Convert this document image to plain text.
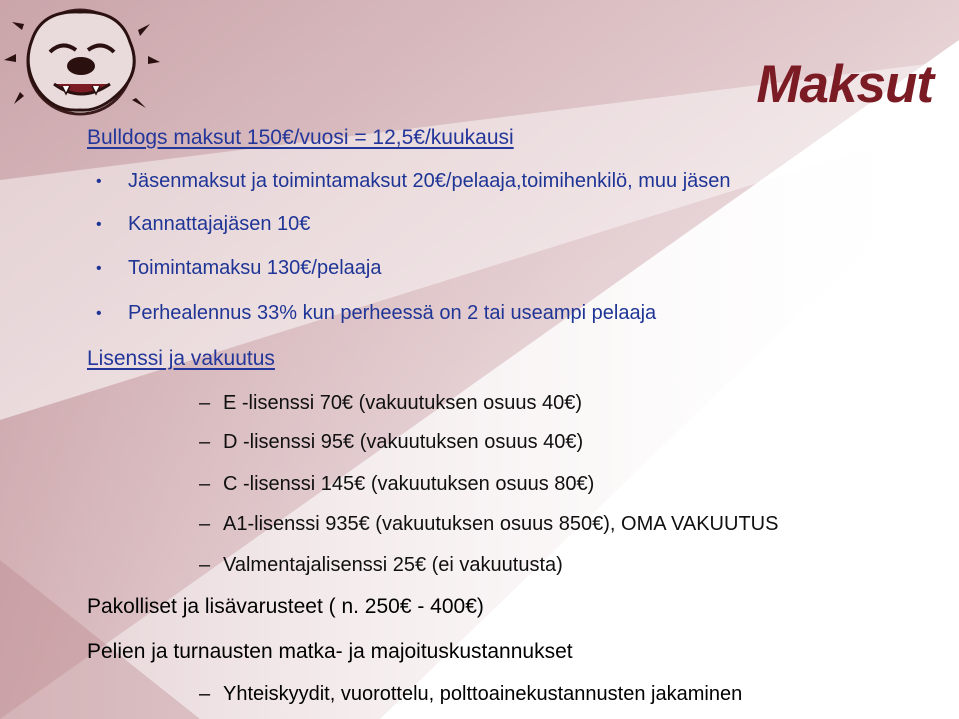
Maksut
Bulldogs maksut 150€/vuosi = 12,5€/kuukausi
• Jäsenmaksut ja toimintamaksut 20€/pelaaja,toimihenkilö, muu jäsen
• Kannattajajäsen 10€
• Toimintamaksu 130€/pelaaja
• Perhealennus 33% kun perheessä on 2 tai useampi pelaaja
Lisenssi ja vakuutus
– E -lisenssi 70€ (vakuutuksen osuus 40€)
– D -lisenssi 95€ (vakuutuksen osuus 40€)
– C -lisenssi 145€ (vakuutuksen osuus 80€)
– A1-lisenssi 935€ (vakuutuksen osuus 850€), OMA VAKUUTUS
– Valmentajalisenssi 25€ (ei vakuutusta)
Pakolliset ja lisävarusteet ( n. 250€ - 400€)
Pelien ja turnausten matka- ja majoituskustannukset
– Yhteiskyydit, vuorottelu, polttoainekustannusten jakaminen
